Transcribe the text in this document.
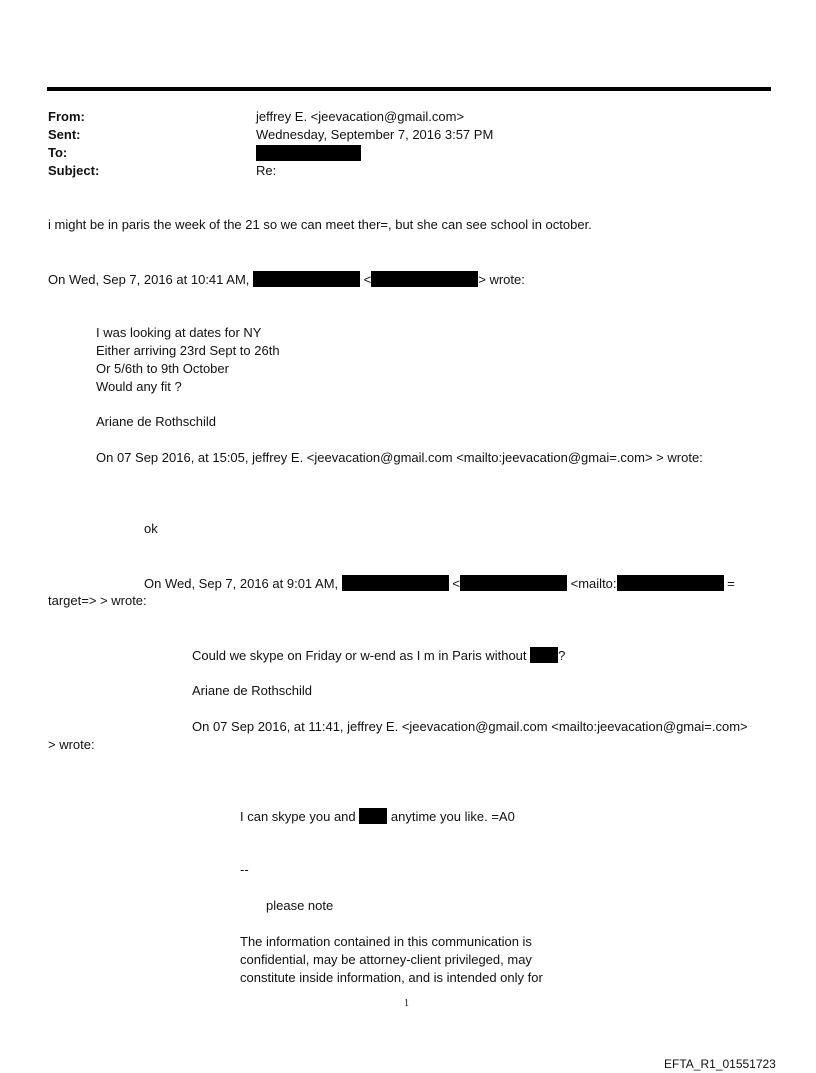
From:	jeffrey E. <jeevacation@gmail.com>
Sent:	Wednesday, September 7, 2016 3:57 PM
To:
Subject:	Re:
i might be in paris the week of the 21 so we can meet ther=, but she can see school in october.
On Wed, Sep 7, 2016 at 10:41 AM,	<	> wrote:
I was looking at dates for NY
Either arriving 23rd Sept to 26th
Or 5/6th to 9th October
Would any fit ?
Ariane de Rothschild
On 07 Sep 2016, at 15:05, jeffrey E. <jeevacation@gmail.com <mailto:jeevacation@gmai=.com> > wrote:
ok
On Wed, Sep 7, 2016 at 9:01 AM,	<	<mailto:	=
target=> > wrote:
Could we skype on Friday or w-end as I m in Paris without ?
Ariane de Rothschild
On 07 Sep 2016, at 11:41, jeffrey E. <jeevacation@gmail.com <mailto:jeevacation@gmai=.com>
> wrote:
I can skype you and	anytime you like. =A0
--
please note
The information contained in this communication is
confidential, may be attorney-client privileged, may
constitute inside information, and is intended only for
1
EFTA_R1_01551723
